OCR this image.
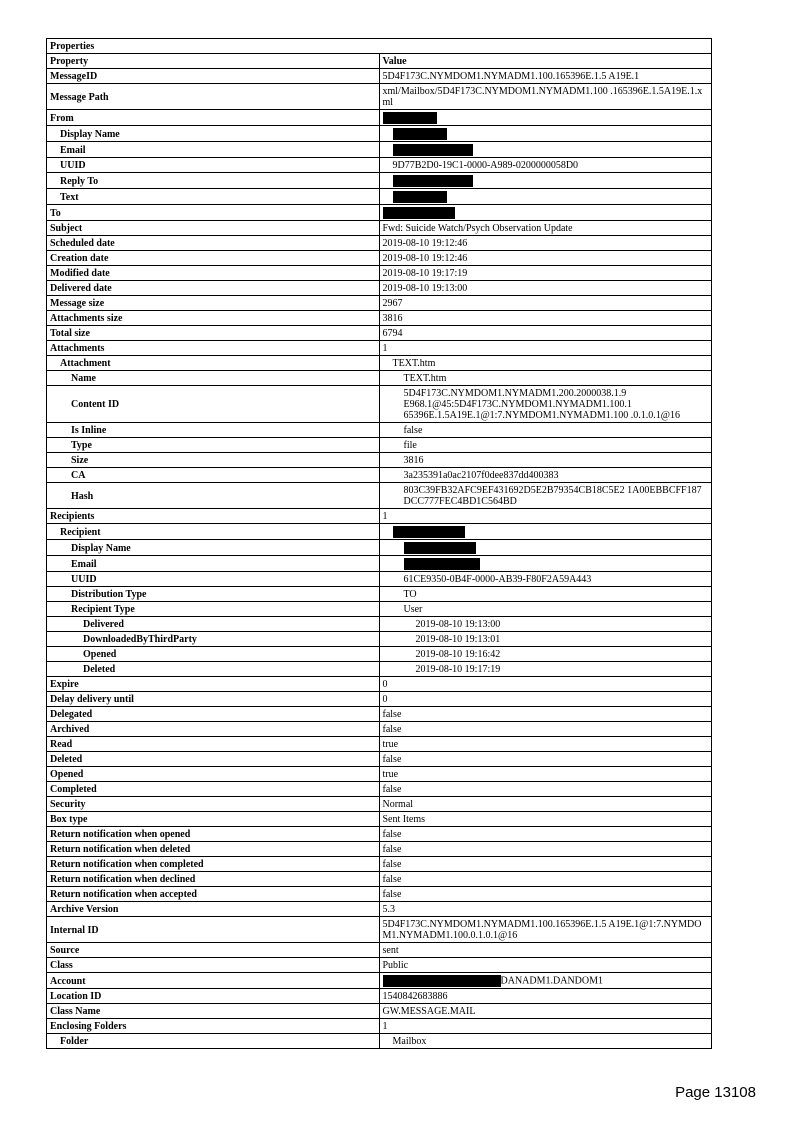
Properties	
Property	Value
MessageID	5D4F173C.NYMDOM1.NYMADM1.100.165396E.1.5 A19E.1
Message Path	xml/Mailbox/5D4F173C.NYMDOM1.NYMADM1.100 .165396E.1.5A19E.1.xml
From	
Display Name	
Email	
UUID	9D77B2D0-19C1-0000-A989-0200000058D0
Reply To	
Text	
To	
Subject	Fwd: Suicide Watch/Psych Observation Update
Scheduled date	2019-08-10 19:12:46
Creation date	2019-08-10 19:12:46
Modified date	2019-08-10 19:17:19
Delivered date	2019-08-10 19:13:00
Message size	2967
Attachments size	3816
Total size	6794
Attachments	1
Attachment	TEXT.htm
Name	TEXT.htm
Content ID	5D4F173C.NYMDOM1.NYMADM1.200.2000038.1.9
E968.1@45:5D4F173C.NYMDOM1.NYMADM1.100.1
65396E.1.5A19E.1@1:7.NYMDOM1.NYMADM1.100 .0.1.0.1@16

Is Inline	false
Type	file
Size	3816
CA	3a235391a0ac2107f0dee837dd400383
Hash	803C39FB32AFC9EF431692D5E2B79354CB18C5E2 1A00EBBCFF187DCC777FEC4BD1C564BD
Recipients	1
Recipient	
Display Name	
Email	
UUID	61CE9350-0B4F-0000-AB39-F80F2A59A443
Distribution Type	TO
Recipient Type	User
Delivered	2019-08-10 19:13:00
DownloadedByThirdParty	2019-08-10 19:13:01
Opened	2019-08-10 19:16:42
Deleted	2019-08-10 19:17:19
Expire	0
Delay delivery until	0
Delegated	false
Archived	false
Read	true
Deleted	false
Opened	true
Completed	false
Security	Normal
Box type	Sent Items
Return notification when opened	false
Return notification when deleted	false
Return notification when completed	false
Return notification when declined	false
Return notification when accepted	false
Archive Version	5.3
Internal ID	5D4F173C.NYMDOM1.NYMADM1.100.165396E.1.5 A19E.1@1:7.NYMDOM1.NYMADM1.100.0.1.0.1@16
Source	sent
Class	Public
Account	DANADM1.DANDOM1
Location ID	1540842683886
Class Name	GW.MESSAGE.MAIL
Enclosing Folders	1
Folder	Mailbox
Page 13108
